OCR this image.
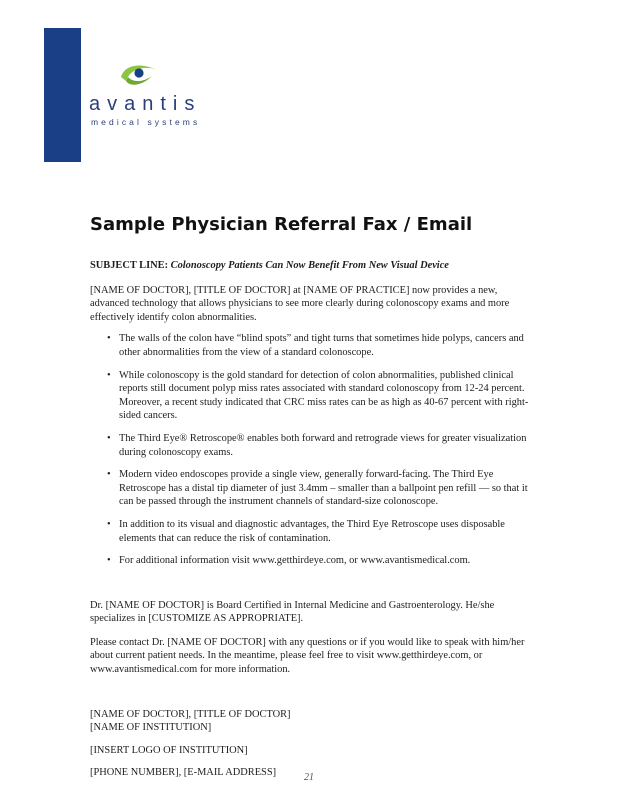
avantis
medical systems
Sample Physician Referral Fax / Email

SUBJECT LINE: Colonoscopy Patients Can Now Benefit From New Visual Device

[NAME OF DOCTOR], [TITLE OF DOCTOR] at [NAME OF PRACTICE] now provides a new, advanced technology that allows physicians to see more clearly during colonoscopy exams and more effectively identify colon abnormalities.

• The walls of the colon have “blind spots” and tight turns that sometimes hide polyps, cancers and other abnormalities from the view of a standard colonoscope.
• While colonoscopy is the gold standard for detection of colon abnormalities, published clinical reports still document polyp miss rates associated with standard colonoscopy from 12-24 percent. Moreover, a recent study indicated that CRC miss rates can be as high as 40-67 percent with right-sided cancers.
• The Third Eye® Retroscope® enables both forward and retrograde views for greater visualization during colonoscopy exams.
• Modern video endoscopes provide a single view, generally forward-facing. The Third Eye Retroscope has a distal tip diameter of just 3.4mm – smaller than a ballpoint pen refill — so that it can be passed through the instrument channels of standard-size colonoscope.
• In addition to its visual and diagnostic advantages, the Third Eye Retroscope uses disposable elements that can reduce the risk of contamination.
• For additional information visit www.getthirdeye.com, or www.avantismedical.com.

Dr. [NAME OF DOCTOR] is Board Certified in Internal Medicine and Gastroenterology. He/she specializes in [CUSTOMIZE AS APPROPRIATE].

Please contact Dr. [NAME OF DOCTOR] with any questions or if you would like to speak with him/her about current patient needs. In the meantime, please feel free to visit www.getthirdeye.com, or www.avantismedical.com for more information.

[NAME OF DOCTOR], [TITLE OF DOCTOR]

[NAME OF INSTITUTION]

[INSERT LOGO OF INSTITUTION]

[PHONE NUMBER], [E-MAIL ADDRESS]	21
